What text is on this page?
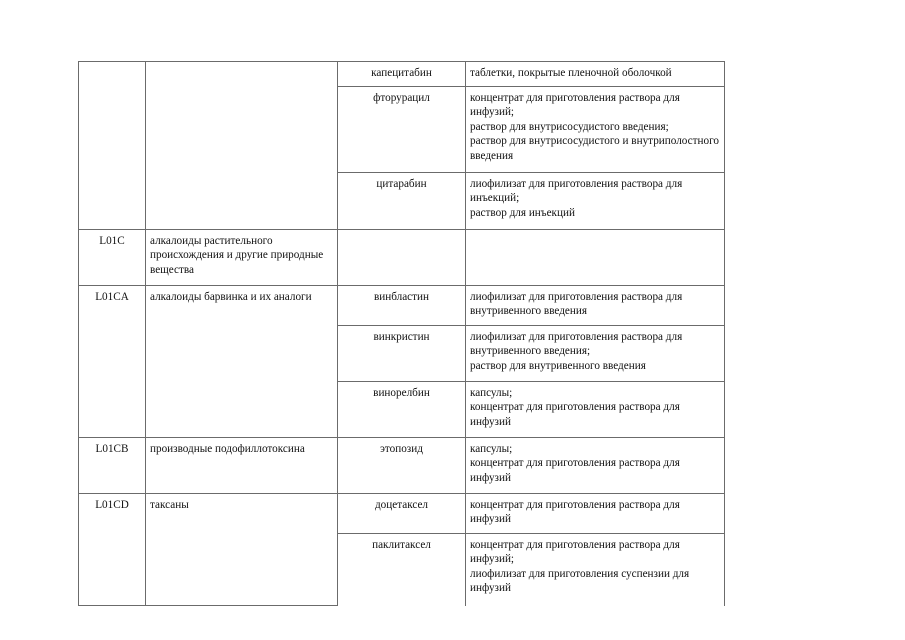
		капецитабин	таблетки, покрытые пленочной оболочкой

		фторурацил	концентрат для приготовления раствора для инфузий;
раствор для внутрисосудистого введения;
раствор для внутрисосудистого и внутриполостного введения

		цитарабин	лиофилизат для приготовления раствора для инъекций;
раствор для инъекций

L01C	алкалоиды растительного происхождения и другие природные вещества		

L01CA	алкалоиды барвинка и их аналоги	винбластин	лиофилизат для приготовления раствора для внутривенного введения

		винкристин	лиофилизат для приготовления раствора для внутривенного введения;
раствор для внутривенного введения

		винорелбин	капсулы;
концентрат для приготовления раствора для инфузий

L01CB	производные подофиллотоксина	этопозид	капсулы;
концентрат для приготовления раствора для инфузий

L01CD	таксаны	доцетаксел	концентрат для приготовления раствора для инфузий

		паклитаксел	концентрат для приготовления раствора для инфузий;
лиофилизат для приготовления суспензии для инфузий
